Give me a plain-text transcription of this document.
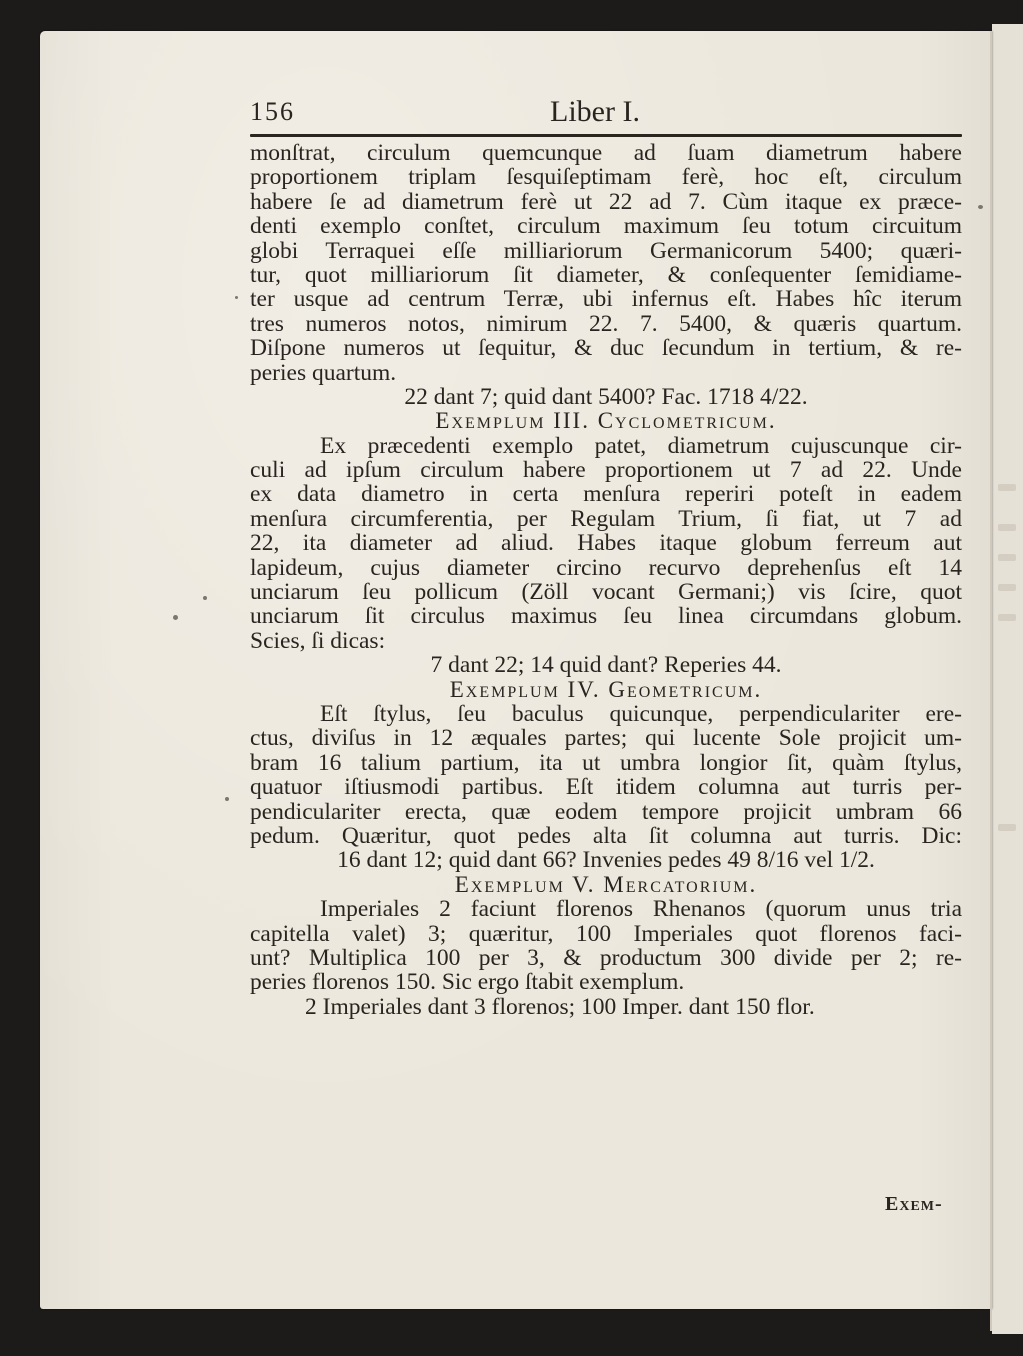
156	Liber I.
monſtrat, circulum quemcunque ad ſuam diametrum habere
proportionem triplam ſesquiſeptimam ferè, hoc eſt, circulum
habere ſe ad diametrum ferè ut 22 ad 7. Cùm itaque ex præce-
denti exemplo conſtet, circulum maximum ſeu totum circuitum
globi Terraquei eſſe milliariorum Germanicorum 5400; quæri-
tur, quot milliariorum ſit diameter, & conſequenter ſemidiame-
ter usque ad centrum Terræ, ubi infernus eſt. Habes hîc iterum
tres numeros notos, nimirum 22. 7. 5400, & quæris quartum.
Diſpone numeros ut ſequitur, & duc ſecundum in tertium, & re-
peries quartum.
22 dant 7; quid dant 5400? Fac. 1718 4/22.
Exemplum III. Cyclometricum.
Ex præcedenti exemplo patet, diametrum cujuscunque cir-
culi ad ipſum circulum habere proportionem ut 7 ad 22. Unde
ex data diametro in certa menſura reperiri poteſt in eadem
menſura circumferentia, per Regulam Trium, ſi fiat, ut 7 ad
22, ita diameter ad aliud. Habes itaque globum ferreum aut
lapideum, cujus diameter circino recurvo deprehenſus eſt 14
unciarum ſeu pollicum (Zöll vocant Germani;) vis ſcire, quot
unciarum ſit circulus maximus ſeu linea circumdans globum.
Scies, ſi dicas:
7 dant 22; 14 quid dant? Reperies 44.
Exemplum IV. Geometricum.
Eſt ſtylus, ſeu baculus quicunque, perpendiculariter ere-
ctus, diviſus in 12 æquales partes; qui lucente Sole projicit um-
bram 16 talium partium, ita ut umbra longior ſit, quàm ſtylus,
quatuor iſtiusmodi partibus. Eſt itidem columna aut turris per-
pendiculariter erecta, quæ eodem tempore projicit umbram 66
pedum. Quæritur, quot pedes alta ſit columna aut turris. Dic:
16 dant 12; quid dant 66? Invenies pedes 49 8/16 vel 1/2.
Exemplum V. Mercatorium.
Imperiales 2 faciunt florenos Rhenanos (quorum unus tria
capitella valet) 3; quæritur, 100 Imperiales quot florenos faci-
unt? Multiplica 100 per 3, & productum 300 divide per 2; re-
peries florenos 150. Sic ergo ſtabit exemplum.
2 Imperiales dant 3 florenos; 100 Imper. dant 150 flor.
Exem-
